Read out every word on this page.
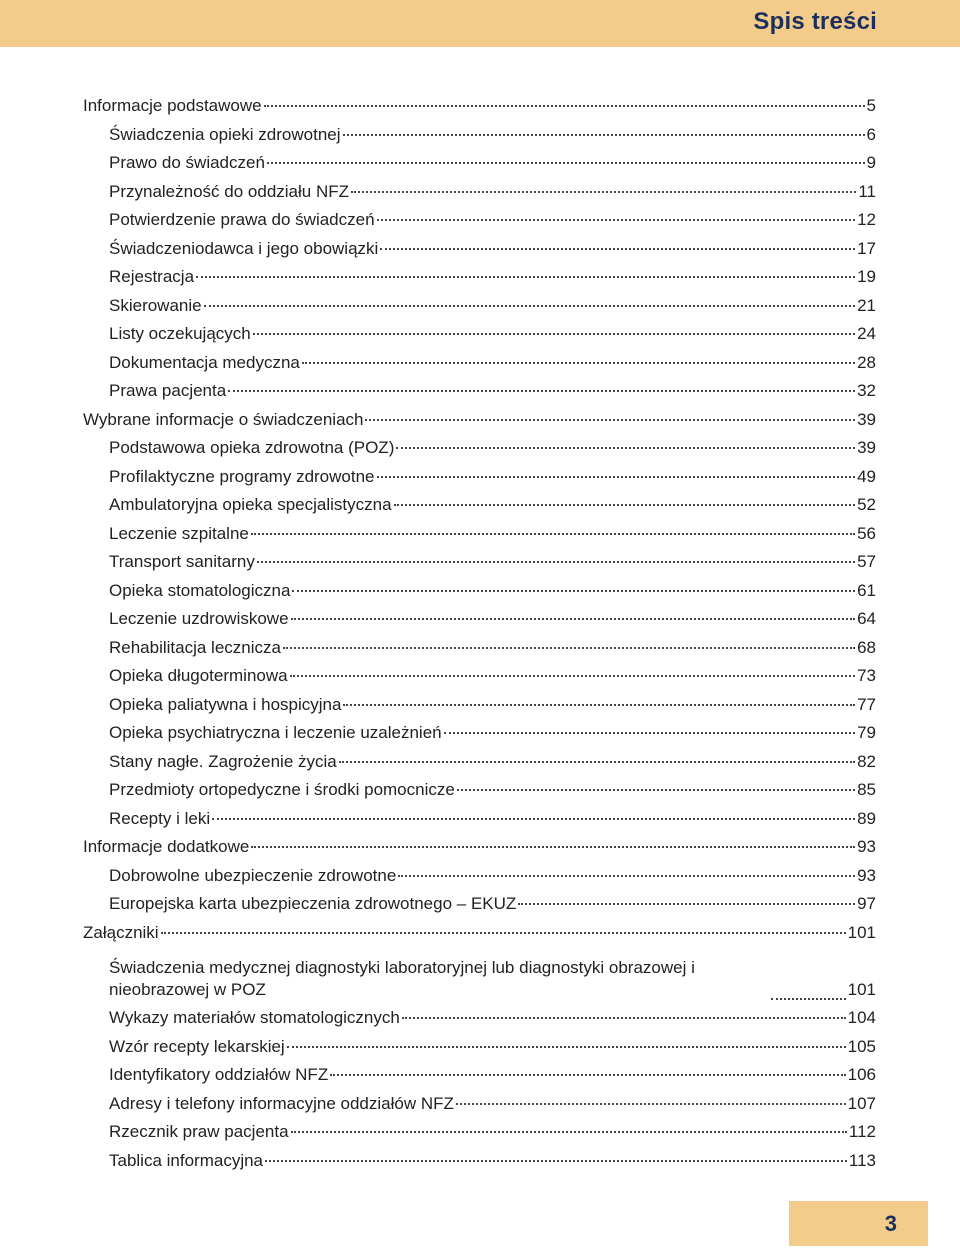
Spis treści
Informacje podstawowe	5
Świadczenia opieki zdrowotnej	6
Prawo do świadczeń	9
Przynależność do oddziału NFZ	11
Potwierdzenie prawa do świadczeń	12
Świadczeniodawca i jego obowiązki	17
Rejestracja	19
Skierowanie	21
Listy oczekujących	24
Dokumentacja medyczna	28
Prawa pacjenta	32
Wybrane informacje o świadczeniach	39
Podstawowa opieka zdrowotna (POZ)	39
Profilaktyczne programy zdrowotne	49
Ambulatoryjna opieka specjalistyczna	52
Leczenie szpitalne	56
Transport sanitarny	57
Opieka stomatologiczna	61
Leczenie uzdrowiskowe	64
Rehabilitacja lecznicza	68
Opieka długoterminowa	73
Opieka paliatywna i hospicyjna	77
Opieka psychiatryczna i leczenie uzależnień	79
Stany nagłe. Zagrożenie życia	82
Przedmioty ortopedyczne i środki pomocnicze	85
Recepty i leki	89
Informacje dodatkowe	93
Dobrowolne ubezpieczenie zdrowotne	93
Europejska karta ubezpieczenia zdrowotnego – EKUZ	97
Załączniki	101
Świadczenia medycznej diagnostyki laboratoryjnej lub diagnostyki obrazowej i nieobrazowej w POZ	101
Wykazy materiałów stomatologicznych	104
Wzór recepty lekarskiej	105
Identyfikatory oddziałów NFZ	106
Adresy i telefony informacyjne oddziałów NFZ	107
Rzecznik praw pacjenta	112
Tablica informacyjna	113
3
